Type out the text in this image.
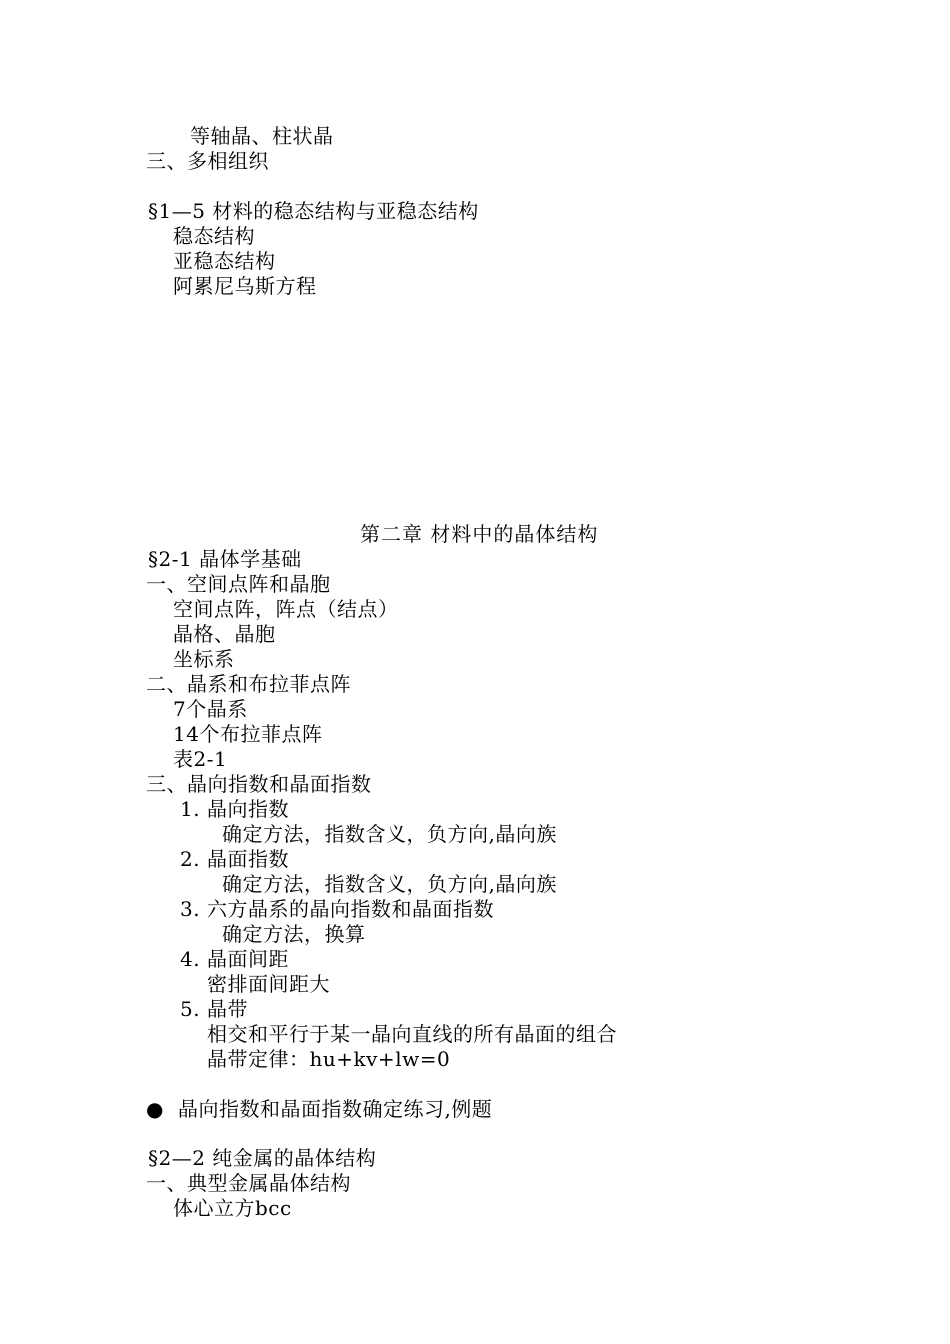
等轴晶、柱状晶
三、多相组织
§1—5 材料的稳态结构与亚稳态结构
稳态结构
亚稳态结构
阿累尼乌斯方程
第二章 材料中的晶体结构
§2-1 晶体学基础
一、空间点阵和晶胞
空间点阵，阵点（结点）
晶格、晶胞
坐标系
二、晶系和布拉菲点阵
7个晶系
14个布拉菲点阵
表2-1
三、晶向指数和晶面指数
1. 晶向指数
确定方法，指数含义，负方向,晶向族
2. 晶面指数
确定方法，指数含义，负方向,晶向族
3. 六方晶系的晶向指数和晶面指数
确定方法，换算
4. 晶面间距
密排面间距大
5. 晶带
相交和平行于某一晶向直线的所有晶面的组合
晶带定律：hu+kv+lw=0
● 晶向指数和晶面指数确定练习,例题
§2—2 纯金属的晶体结构
一、典型金属晶体结构
体心立方bcc
